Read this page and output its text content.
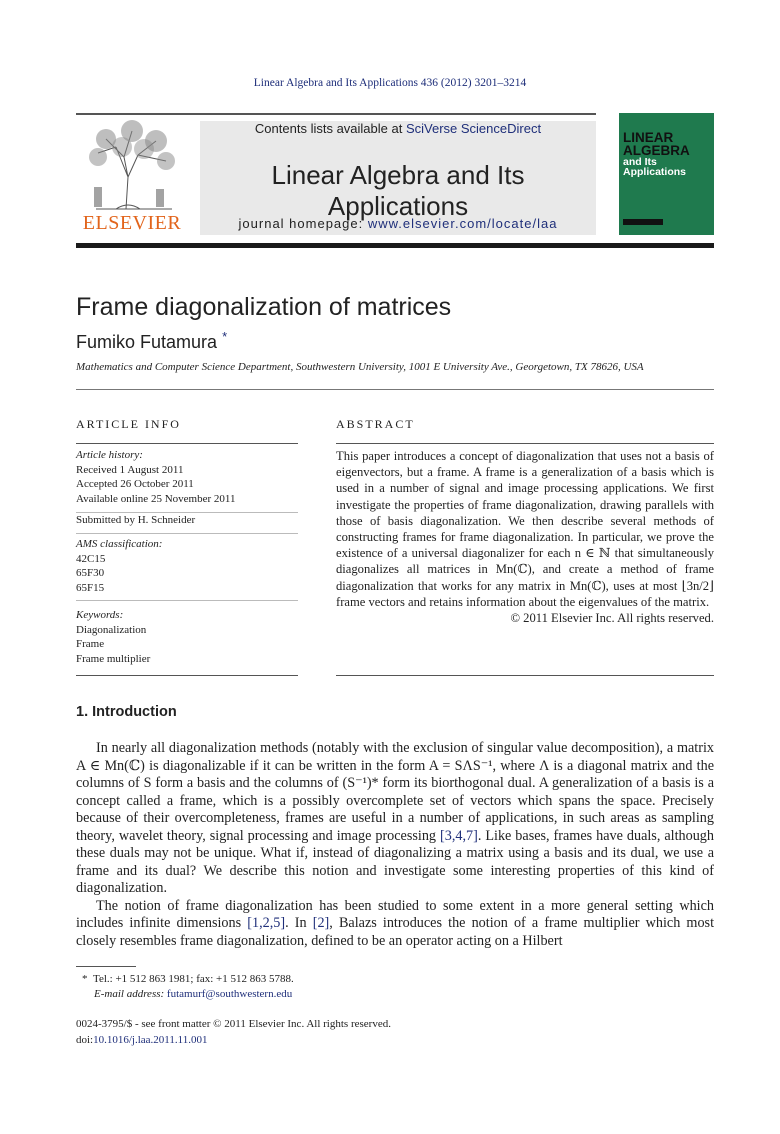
Linear Algebra and Its Applications 436 (2012) 3201–3214
ELSEVIER
Contents lists available at SciVerse ScienceDirect
Linear Algebra and Its Applications
journal homepage: www.elsevier.com/locate/laa
LINEAR
ALGEBRA
and Its
Applications
Frame diagonalization of matrices
Fumiko Futamura *
Mathematics and Computer Science Department, Southwestern University, 1001 E University Ave., Georgetown, TX 78626, USA
ARTICLE INFO
Article history:
Received 1 August 2011
Accepted 26 October 2011
Available online 25 November 2011
Submitted by H. Schneider
AMS classification:
42C15
65F30
65F15
Keywords:
Diagonalization
Frame
Frame multiplier
ABSTRACT
This paper introduces a concept of diagonalization that uses not a basis of eigenvectors, but a frame. A frame is a generalization of a basis which is used in a number of signal and image processing applications. We first investigate the properties of frame diagonalization, drawing parallels with those of basis diagonalization. We then describe several methods of constructing frames for frame diagonalization. In particular, we prove the existence of a universal diagonalizer for each n ∈ ℕ that simultaneously diagonalizes all matrices in Mn(ℂ), and create a method of frame diagonalization that works for any matrix in Mn(ℂ), uses at most ⌊3n/2⌋ frame vectors and retains information about the eigenvalues of the matrix.
© 2011 Elsevier Inc. All rights reserved.
1. Introduction

In nearly all diagonalization methods (notably with the exclusion of singular value decomposition), a matrix A ∈ Mn(ℂ) is diagonalizable if it can be written in the form A = SΛS⁻¹, where Λ is a diagonal matrix and the columns of S form a basis and the columns of (S⁻¹)* form its biorthogonal dual. A generalization of a basis is a concept called a frame, which is a possibly overcomplete set of vectors which spans the space. Precisely because of their overcompleteness, frames are useful in a number of applications, in such areas as sampling theory, wavelet theory, signal processing and image processing [3,4,7]. Like bases, frames have duals, although these duals may not be unique. What if, instead of diagonalizing a matrix using a basis and its dual, we use a frame and its dual? We describe this notion and investigate some interesting properties of this kind of diagonalization.

The notion of frame diagonalization has been studied to some extent in a more general setting which includes infinite dimensions [1,2,5]. In [2], Balazs introduces the notion of a frame multiplier which most closely resembles frame diagonalization, defined to be an operator acting on a Hilbert

* Tel.: +1 512 863 1981; fax: +1 512 863 5788.
E-mail address: futamurf@southwestern.edu
0024-3795/$ - see front matter © 2011 Elsevier Inc. All rights reserved.
doi:10.1016/j.laa.2011.11.001
